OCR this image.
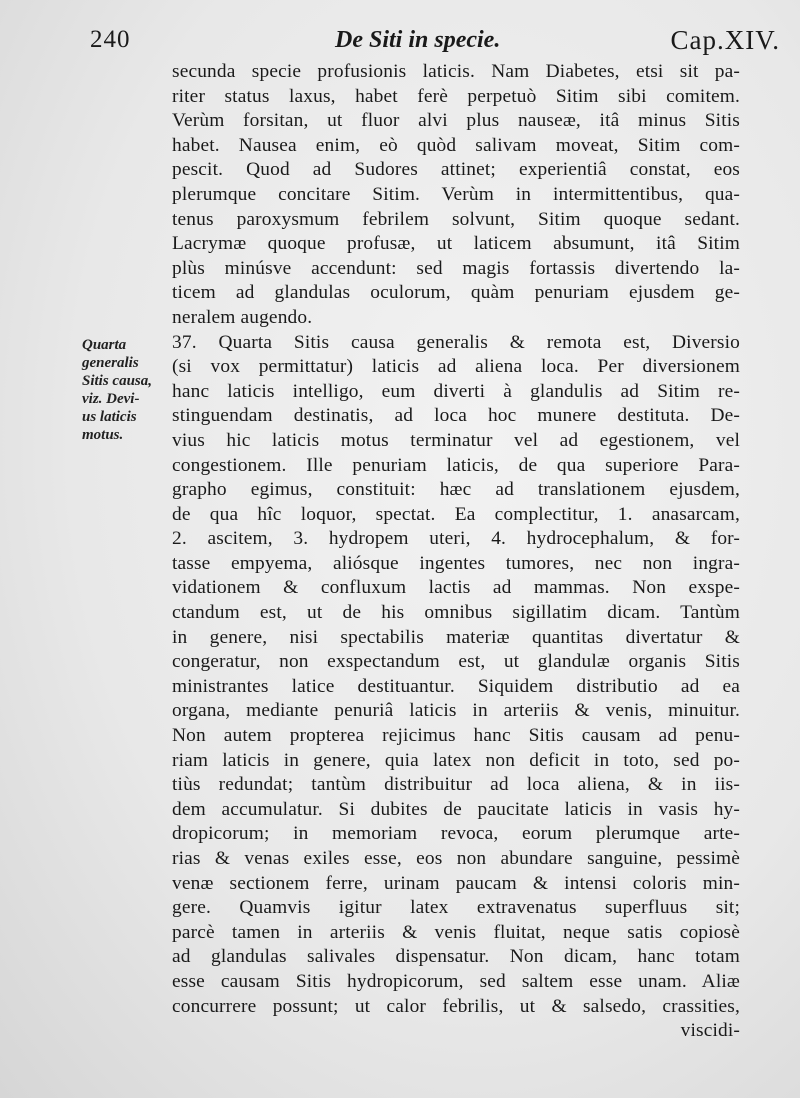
240	De Siti in specie.	Cap.XIV.
Quarta
generalis
Sitis causa,
viz. Devi-
us laticis
motus.
secunda specie profusionis laticis. Nam Diabetes, etsi sit pa-
riter status laxus, habet ferè perpetuò Sitim sibi comitem.
Verùm forsitan, ut fluor alvi plus nauseæ, itâ minus Sitis
habet. Nausea enim, eò quòd salivam moveat, Sitim com-
pescit. Quod ad Sudores attinet; experientiâ constat, eos
plerumque concitare Sitim. Verùm in intermittentibus, qua-
tenus paroxysmum febrilem solvunt, Sitim quoque sedant.
Lacrymæ quoque profusæ, ut laticem absumunt, itâ Sitim
plùs minúsve accendunt: sed magis fortassis divertendo la-
ticem ad glandulas oculorum, quàm penuriam ejusdem ge-
neralem augendo.
37. Quarta Sitis causa generalis & remota est, Diversio
(si vox permittatur) laticis ad aliena loca. Per diversionem
hanc laticis intelligo, eum diverti à glandulis ad Sitim re-
stinguendam destinatis, ad loca hoc munere destituta. De-
vius hic laticis motus terminatur vel ad egestionem, vel
congestionem. Ille penuriam laticis, de qua superiore Para-
grapho egimus, constituit: hæc ad translationem ejusdem,
de qua hîc loquor, spectat. Ea complectitur, 1. anasarcam,
2. ascitem, 3. hydropem uteri, 4. hydrocephalum, & for-
tasse empyema, aliósque ingentes tumores, nec non ingra-
vidationem & confluxum lactis ad mammas. Non exspe-
ctandum est, ut de his omnibus sigillatim dicam. Tantùm
in genere, nisi spectabilis materiæ quantitas divertatur &
congeratur, non exspectandum est, ut glandulæ organis Sitis
ministrantes latice destituantur. Siquidem distributio ad ea
organa, mediante penuriâ laticis in arteriis & venis, minuitur.
Non autem propterea rejicimus hanc Sitis causam ad penu-
riam laticis in genere, quia latex non deficit in toto, sed po-
tiùs redundat; tantùm distribuitur ad loca aliena, & in iis-
dem accumulatur. Si dubites de paucitate laticis in vasis hy-
dropicorum; in memoriam revoca, eorum plerumque arte-
rias & venas exiles esse, eos non abundare sanguine, pessimè
venæ sectionem ferre, urinam paucam & intensi coloris min-
gere. Quamvis igitur latex extravenatus superfluus sit;
parcè tamen in arteriis & venis fluitat, neque satis copiosè
ad glandulas salivales dispensatur. Non dicam, hanc totam
esse causam Sitis hydropicorum, sed saltem esse unam. Aliæ
concurrere possunt; ut calor febrilis, ut & salsedo, crassities,
viscidi-
